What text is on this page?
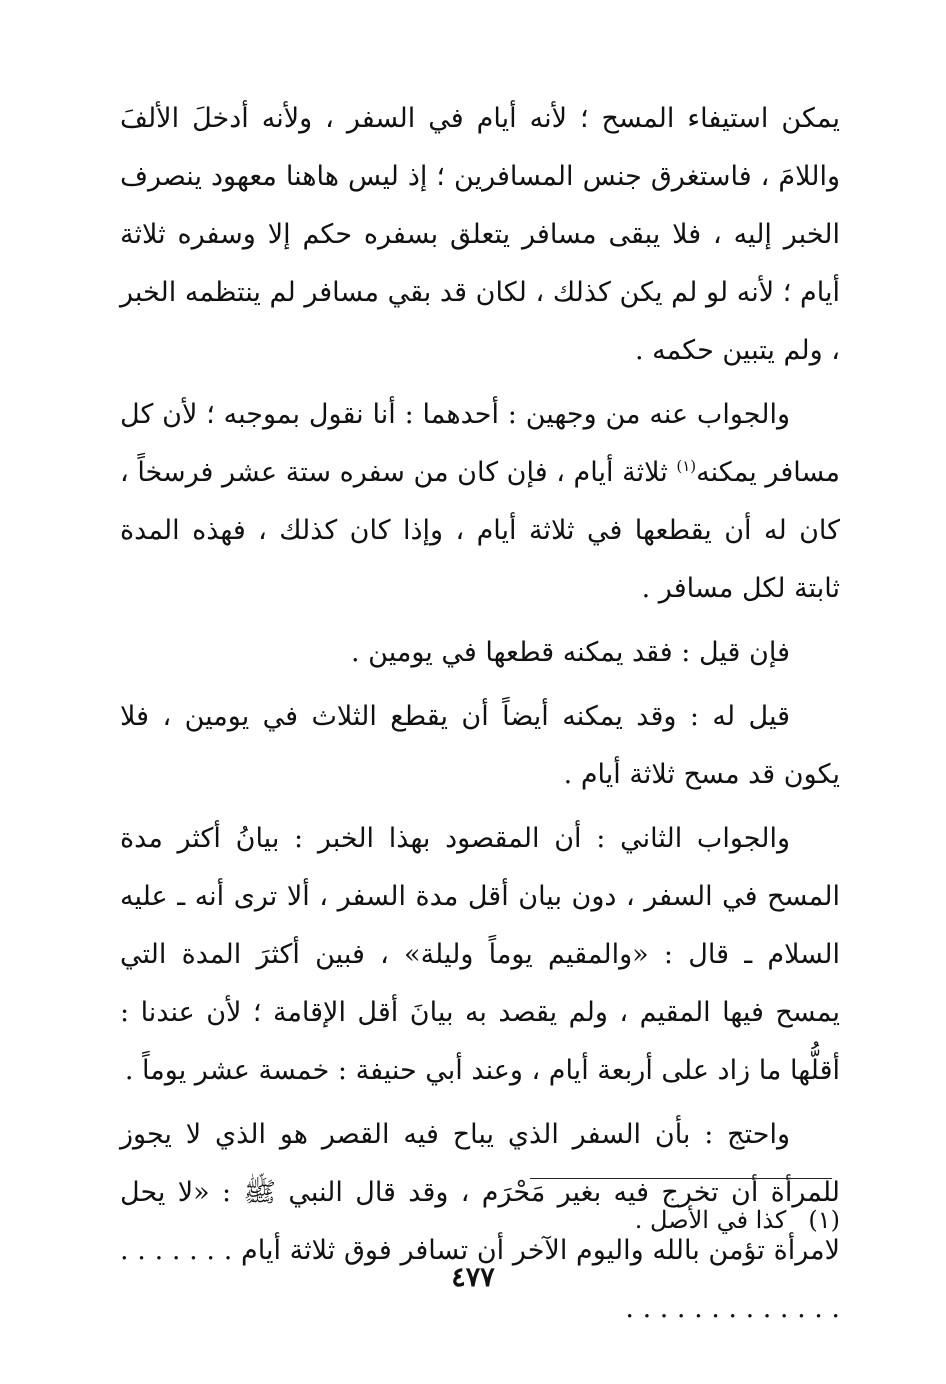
يمكن استيفاء المسح ؛ لأنه أيام في السفر ، ولأنه أدخلَ الألفَ واللامَ ، فاستغرق جنس المسافرين ؛ إذ ليس هاهنا معهود ينصرف الخبر إليه ، فلا يبقى مسافر يتعلق بسفره حكم إلا وسفره ثلاثة أيام ؛ لأنه لو لم يكن كذلك ، لكان قد بقي مسافر لم ينتظمه الخبر ، ولم يتبين حكمه .

والجواب عنه من وجهين : أحدهما : أنا نقول بموجبه ؛ لأن كل مسافر يمكنه$^{(١)}$ ثلاثة أيام ، فإن كان من سفره ستة عشر فرسخاً ، كان له أن يقطعها في ثلاثة أيام ، وإذا كان كذلك ، فهذه المدة ثابتة لكل مسافر .

فإن قيل : فقد يمكنه قطعها في يومين .

قيل له : وقد يمكنه أيضاً أن يقطع الثلاث في يومين ، فلا يكون قد مسح ثلاثة أيام .

والجواب الثاني : أن المقصود بهذا الخبر : بيانُ أكثر مدة المسح في السفر ، دون بيان أقل مدة السفر ، ألا ترى أنه ـ عليه السلام ـ قال : «والمقيم يوماً وليلة» ، فبين أكثرَ المدة التي يمسح فيها المقيم ، ولم يقصد به بيانَ أقل الإقامة ؛ لأن عندنا : أقلُّها ما زاد على أربعة أيام ، وعند أبي حنيفة : خمسة عشر يوماً .

واحتج : بأن السفر الذي يباح فيه القصر هو الذي لا يجوز للمرأة أن تخرج فيه بغير مَحْرَم ، وقد قال النبي ﷺ : «لا يحل لامرأة تؤمن بالله واليوم الآخر أن تسافر فوق ثلاثة أيام . . . . . . . . . . . . . . . . . . . .

(١)كذا في الأصل .
٤٧٧
